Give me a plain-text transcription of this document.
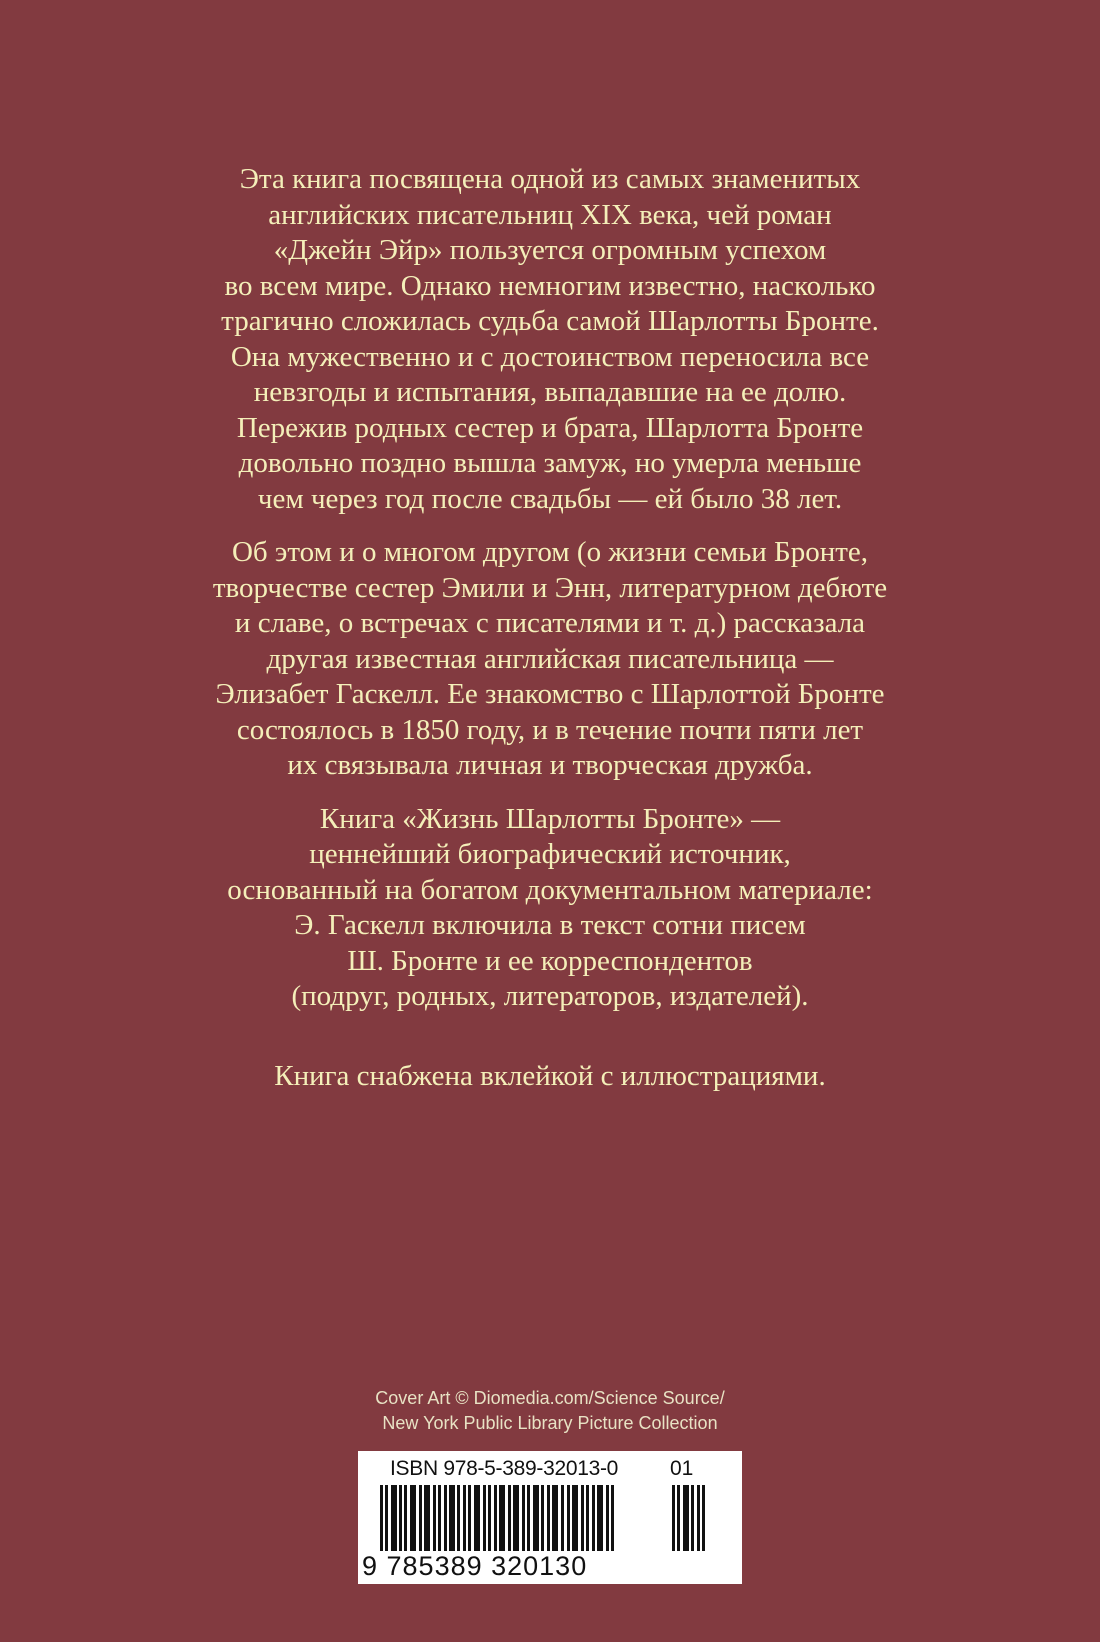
Эта книга посвящена одной из самых знаменитых
английских писательниц XIX века, чей роман
«Джейн Эйр» пользуется огромным успехом
во всем мире. Однако немногим известно, насколько
трагично сложилась судьба самой Шарлотты Бронте.
Она мужественно и с достоинством переносила все
невзгоды и испытания, выпадавшие на ее долю.
Пережив родных сестер и брата, Шарлотта Бронте
довольно поздно вышла замуж, но умерла меньше
чем через год после свадьбы — ей было 38 лет.
Об этом и о многом другом (о жизни семьи Бронте,
творчестве сестер Эмили и Энн, литературном дебюте
и славе, о встречах с писателями и т. д.) рассказала
другая известная английская писательница —
Элизабет Гаскелл. Ее знакомство с Шарлоттой Бронте
состоялось в 1850 году, и в течение почти пяти лет
их связывала личная и творческая дружба.
Книга «Жизнь Шарлотты Бронте» —
ценнейший биографический источник,
основанный на богатом документальном материале:
Э. Гаскелл включила в текст сотни писем
Ш. Бронте и ее корреспондентов
(подруг, родных, литераторов, издателей).
Книга снабжена вклейкой с иллюстрациями.
Cover Art © Diomedia.com/Science Source/
New York Public Library Picture Collection
ISBN 978-5-389-32013-0 01
9 785389 320130
